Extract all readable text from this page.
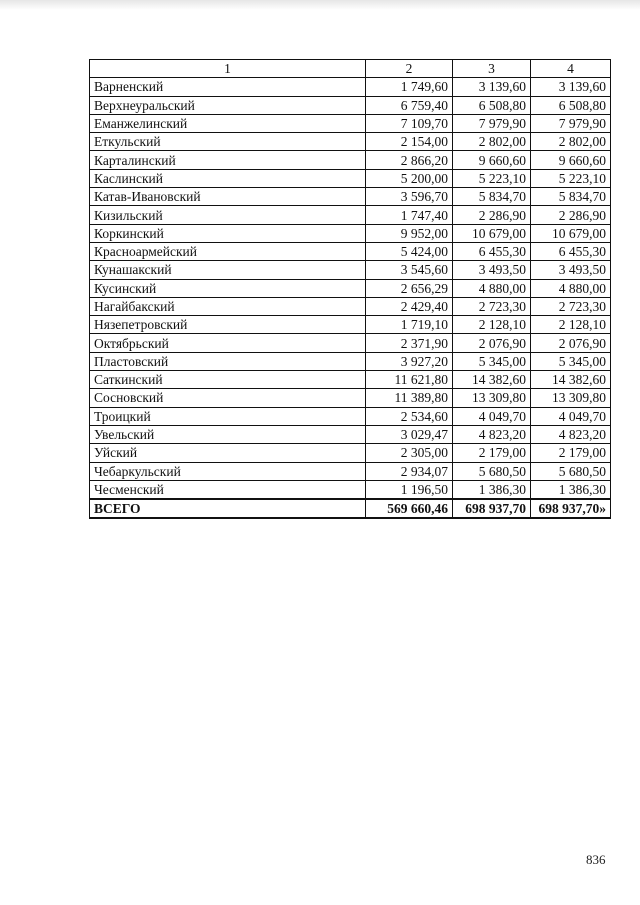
1	2	3	4
Варненский	1 749,60	3 139,60	3 139,60
Верхнеуральский	6 759,40	6 508,80	6 508,80
Еманжелинский	7 109,70	7 979,90	7 979,90
Еткульский	2 154,00	2 802,00	2 802,00
Карталинский	2 866,20	9 660,60	9 660,60
Каслинский	5 200,00	5 223,10	5 223,10
Катав-Ивановский	3 596,70	5 834,70	5 834,70
Кизильский	1 747,40	2 286,90	2 286,90
Коркинский	9 952,00	10 679,00	10 679,00
Красноармейский	5 424,00	6 455,30	6 455,30
Кунашакский	3 545,60	3 493,50	3 493,50
Кусинский	2 656,29	4 880,00	4 880,00
Нагайбакский	2 429,40	2 723,30	2 723,30
Нязепетровский	1 719,10	2 128,10	2 128,10
Октябрьский	2 371,90	2 076,90	2 076,90
Пластовский	3 927,20	5 345,00	5 345,00
Саткинский	11 621,80	14 382,60	14 382,60
Сосновский	11 389,80	13 309,80	13 309,80
Троицкий	2 534,60	4 049,70	4 049,70
Увельский	3 029,47	4 823,20	4 823,20
Уйский	2 305,00	2 179,00	2 179,00
Чебаркульский	2 934,07	5 680,50	5 680,50
Чесменский	1 196,50	1 386,30	1 386,30
ВСЕГО	569 660,46	698 937,70	698 937,70»
836
